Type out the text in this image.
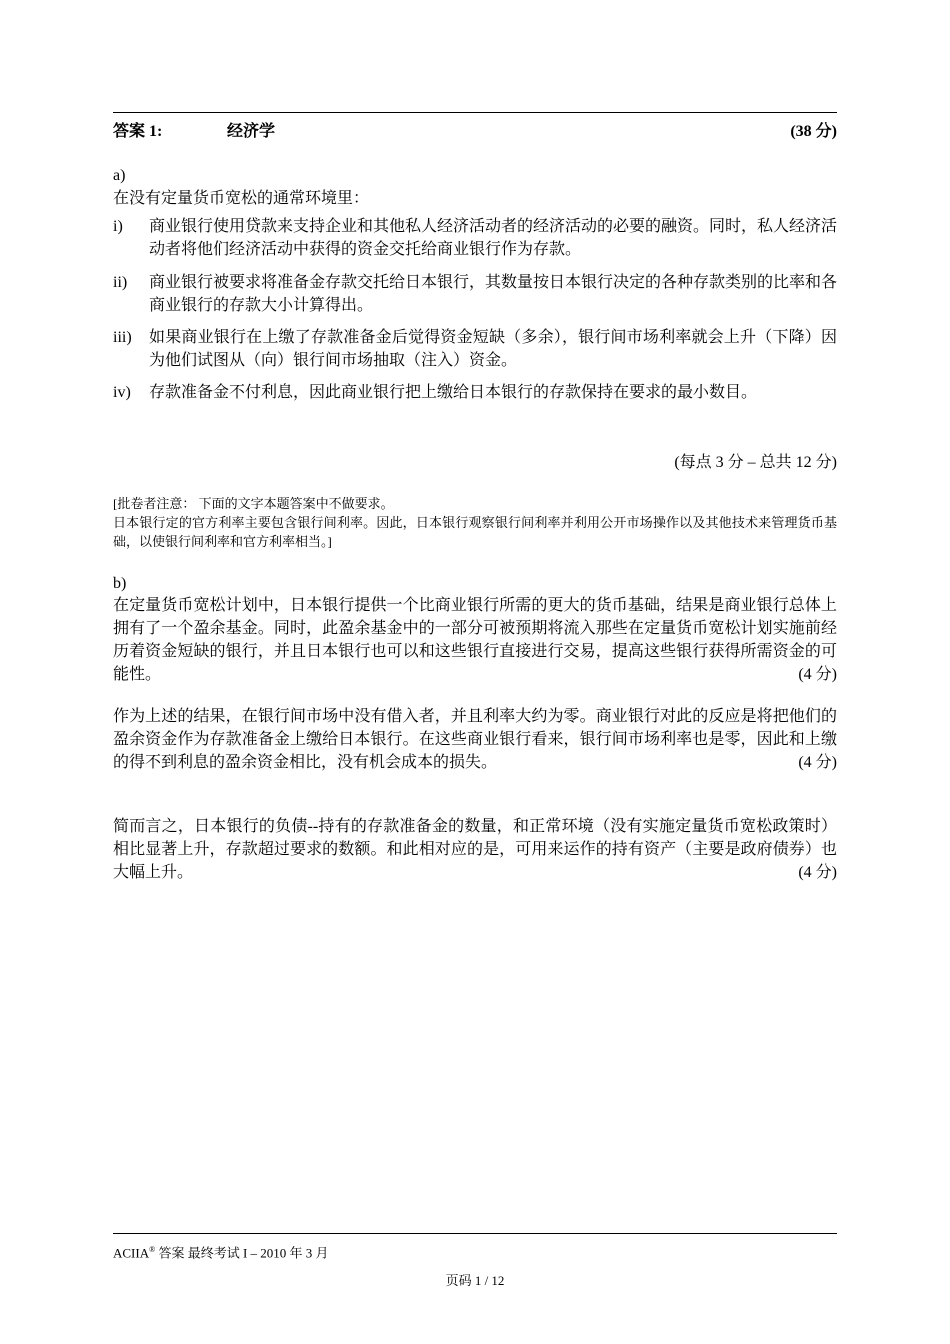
答案 1:	经济学	(38 分)
a)
在没有定量货币宽松的通常环境里：
i) 商业银行使用贷款来支持企业和其他私人经济活动者的经济活动的必要的融资。同时，私人经济活动者将他们经济活动中获得的资金交托给商业银行作为存款。
ii) 商业银行被要求将准备金存款交托给日本银行，其数量按日本银行决定的各种存款类别的比率和各商业银行的存款大小计算得出。
iii) 如果商业银行在上缴了存款准备金后觉得资金短缺（多余），银行间市场利率就会上升（下降）因为他们试图从（向）银行间市场抽取（注入）资金。
iv) 存款准备金不付利息，因此商业银行把上缴给日本银行的存款保持在要求的最小数目。
(每点 3 分 – 总共 12 分)
[批卷者注意： 下面的文字本题答案中不做要求。
日本银行定的官方利率主要包含银行间利率。因此，日本银行观察银行间利率并利用公开市场操作以及其他技术来管理货币基础，以使银行间利率和官方利率相当。]
b)
在定量货币宽松计划中，日本银行提供一个比商业银行所需的更大的货币基础，结果是商业银行总体上拥有了一个盈余基金。同时，此盈余基金中的一部分可被预期将流入那些在定量货币宽松计划实施前经历着资金短缺的银行，并且日本银行也可以和这些银行直接进行交易，提高这些银行获得所需资金的可能性。	(4 分)
作为上述的结果，在银行间市场中没有借入者，并且利率大约为零。商业银行对此的反应是将把他们的盈余资金作为存款准备金上缴给日本银行。在这些商业银行看来，银行间市场利率也是零，因此和上缴的得不到利息的盈余资金相比，没有机会成本的损失。	(4 分)
简而言之，日本银行的负债--持有的存款准备金的数量，和正常环境（没有实施定量货币宽松政策时）相比显著上升，存款超过要求的数额。和此相对应的是，可用来运作的持有资产（主要是政府债券）也大幅上升。	(4 分)
ACIIA® 答案 最终考试 I – 2010 年 3 月
页码 1 / 12
